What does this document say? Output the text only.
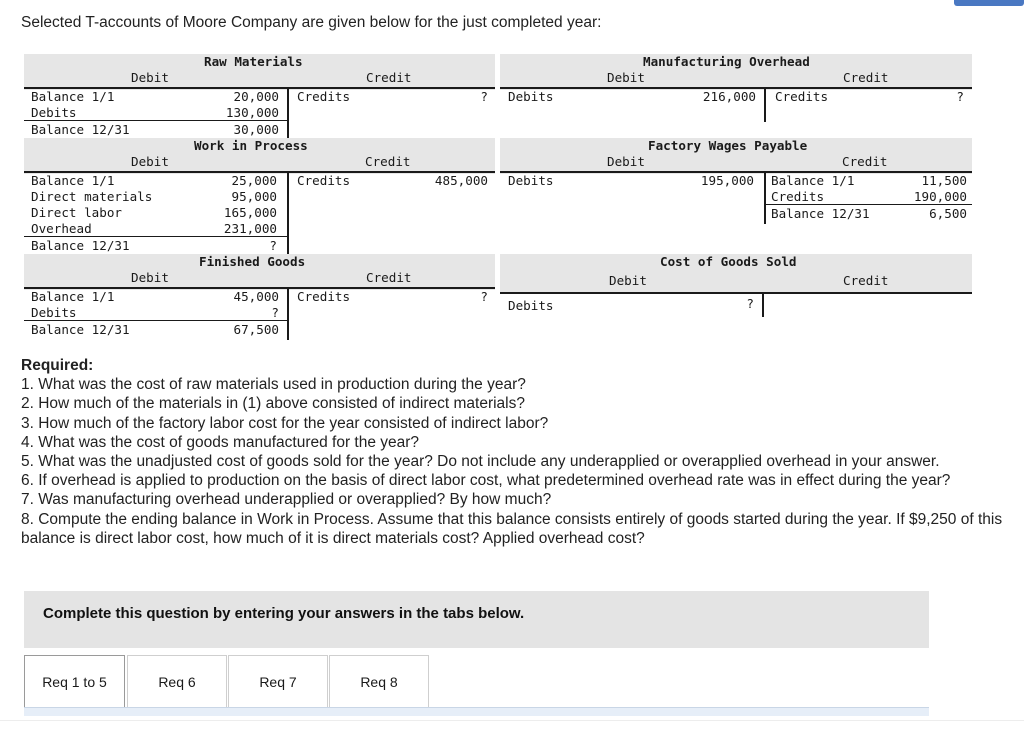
Selected T-accounts of Moore Company are given below for the just completed year:
Raw Materials
Debit	Credit
Balance 1/1	20,000 Credits	?
Debits	130,000
Balance 12/31	30,000
Manufacturing Overhead
Debit	Credit
Debits	216,000 Credits	?
Work in Process
Debit	Credit
Balance 1/1	25,000 Credits	485,000
Direct materials	95,000
Direct labor	165,000
Overhead	231,000
Balance 12/31	?
Factory Wages Payable
Debit	Credit
Debits	195,000 Balance 1/1	11,500
Credits	190,000
Balance 12/31	6,500
Finished Goods
Debit	Credit
Balance 1/1	45,000 Credits	?
Debits	?
Balance 12/31	67,500
Cost of Goods Sold
Debit	Credit
Debits	?
Required:
1. What was the cost of raw materials used in production during the year?
2. How much of the materials in (1) above consisted of indirect materials?
3. How much of the factory labor cost for the year consisted of indirect labor?
4. What was the cost of goods manufactured for the year?
5. What was the unadjusted cost of goods sold for the year? Do not include any underapplied or overapplied overhead in your answer.
6. If overhead is applied to production on the basis of direct labor cost, what predetermined overhead rate was in effect during the year?
7. Was manufacturing overhead underapplied or overapplied? By how much?
8. Compute the ending balance in Work in Process. Assume that this balance consists entirely of goods started during the year. If $9,250 of this balance is direct labor cost, how much of it is direct materials cost? Applied overhead cost?
Complete this question by entering your answers in the tabs below.
Req 1 to 5	Req 6	Req 7	Req 8
